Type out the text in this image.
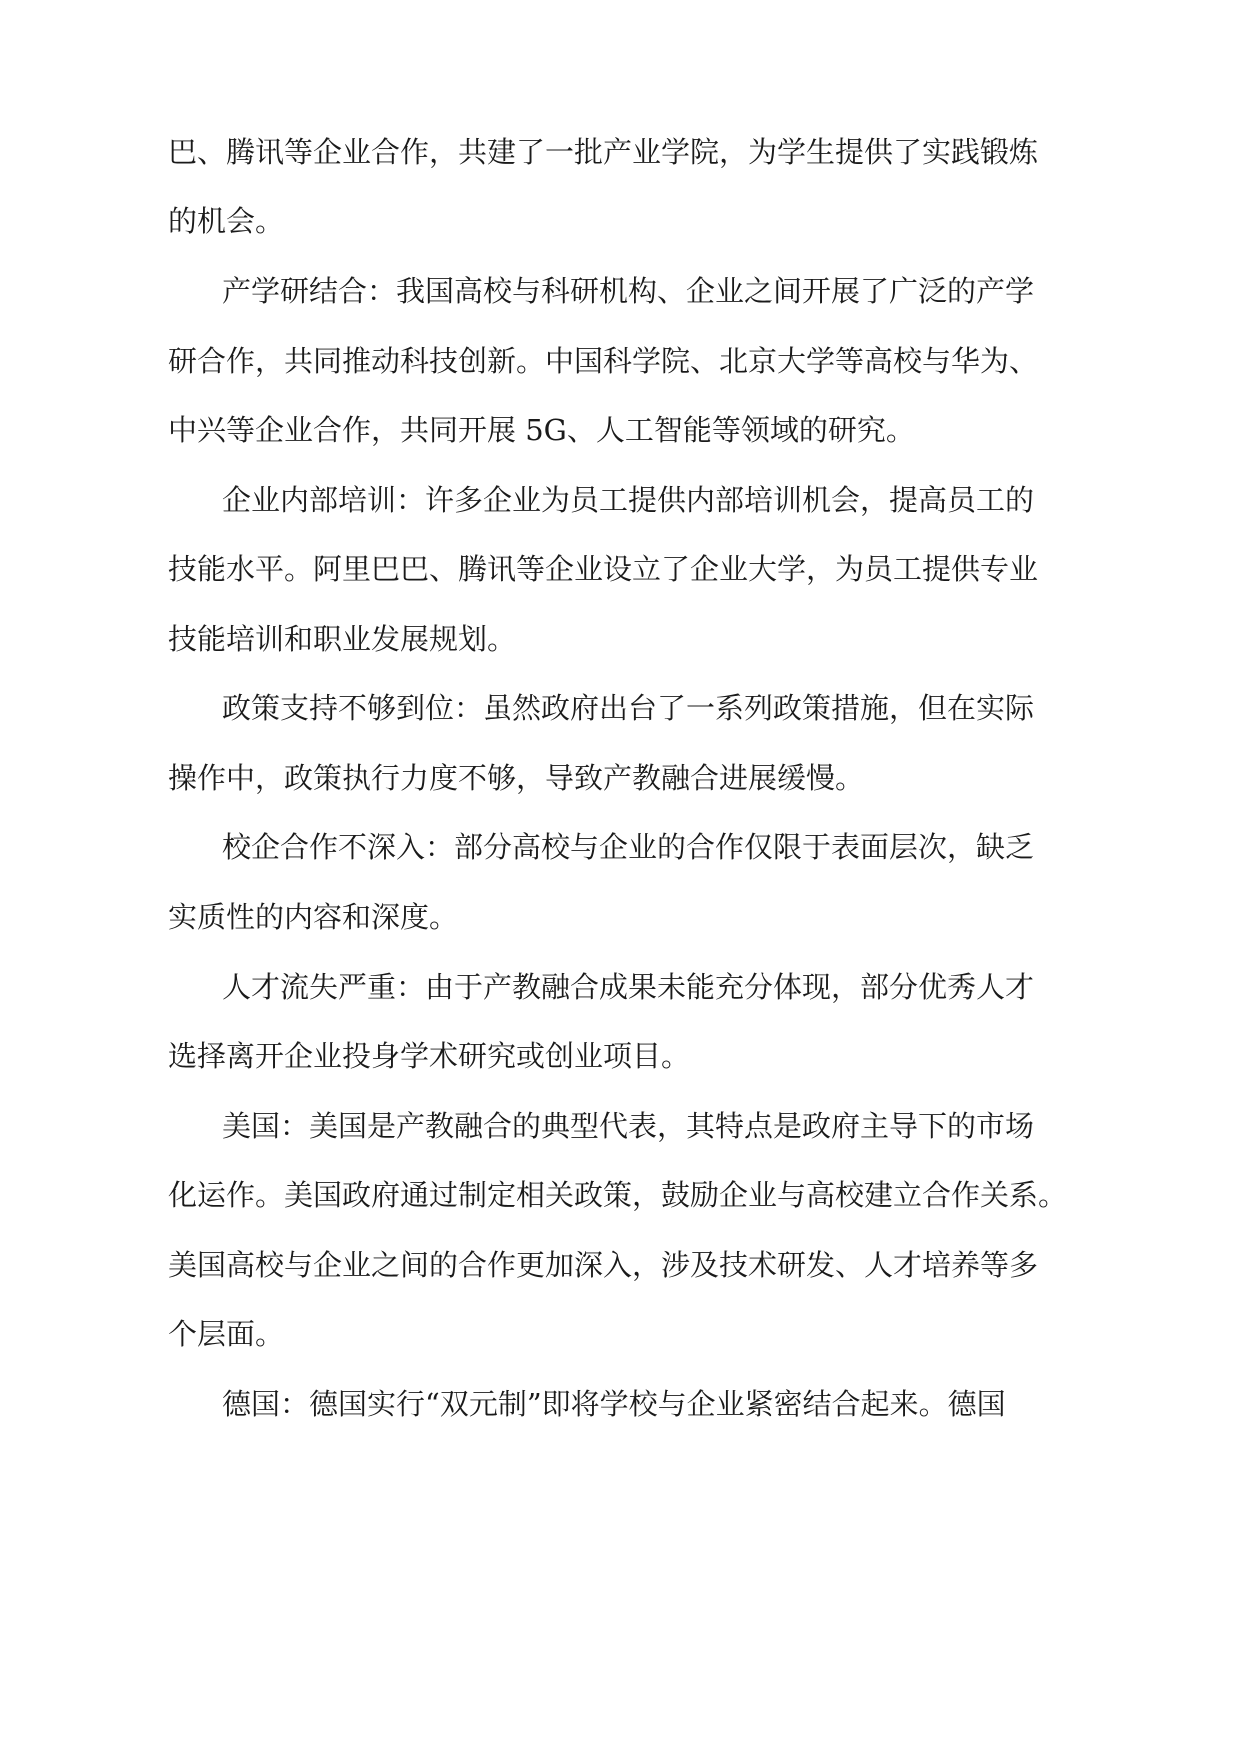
巴、腾讯等企业合作，共建了一批产业学院，为学生提供了实践锻炼
的机会。
产学研结合：我国高校与科研机构、企业之间开展了广泛的产学
研合作，共同推动科技创新。中国科学院、北京大学等高校与华为、
中兴等企业合作，共同开展 5G、人工智能等领域的研究。
企业内部培训：许多企业为员工提供内部培训机会，提高员工的
技能水平。阿里巴巴、腾讯等企业设立了企业大学，为员工提供专业
技能培训和职业发展规划。
政策支持不够到位：虽然政府出台了一系列政策措施，但在实际
操作中，政策执行力度不够，导致产教融合进展缓慢。
校企合作不深入：部分高校与企业的合作仅限于表面层次，缺乏
实质性的内容和深度。
人才流失严重：由于产教融合成果未能充分体现，部分优秀人才
选择离开企业投身学术研究或创业项目。
美国：美国是产教融合的典型代表，其特点是政府主导下的市场
化运作。美国政府通过制定相关政策，鼓励企业与高校建立合作关系。
美国高校与企业之间的合作更加深入，涉及技术研发、人才培养等多
个层面。
德国：德国实行“双元制”即将学校与企业紧密结合起来。德国
